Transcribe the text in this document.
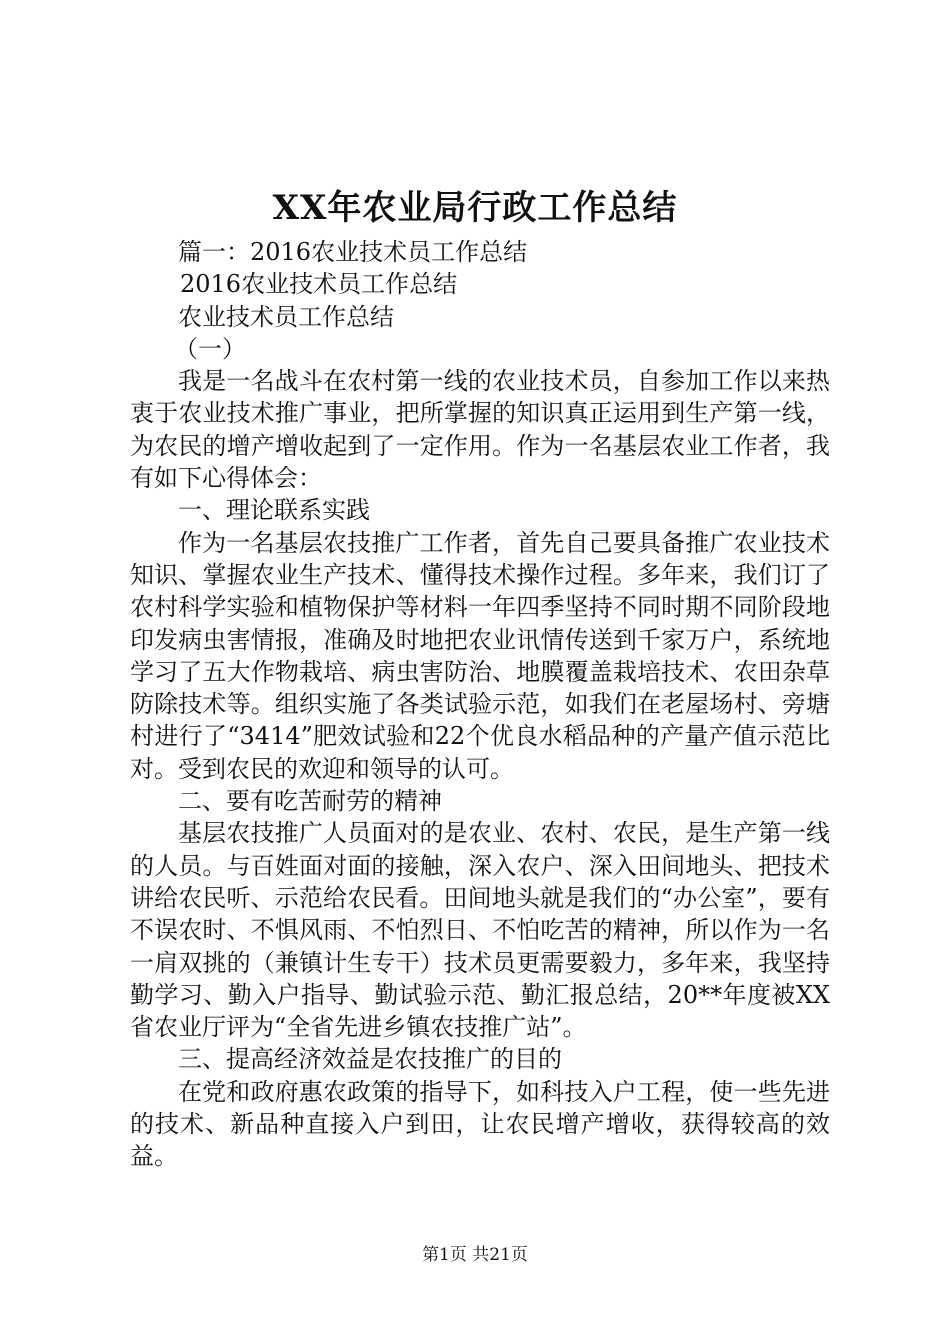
XX年农业局行政工作总结

篇一：2016农业技术员工作总结

2016农业技术员工作总结

农业技术员工作总结

（一）

我是一名战斗在农村第一线的农业技术员，自参加工作以来热衷于农业技术推广事业，把所掌握的知识真正运用到生产第一线，为农民的增产增收起到了一定作用。作为一名基层农业工作者，我有如下心得体会：

一、理论联系实践

作为一名基层农技推广工作者，首先自己要具备推广农业技术知识、掌握农业生产技术、懂得技术操作过程。多年来，我们订了农村科学实验和植物保护等材料一年四季坚持不同时期不同阶段地印发病虫害情报，准确及时地把农业讯情传送到千家万户，系统地学习了五大作物栽培、病虫害防治、地膜覆盖栽培技术、农田杂草防除技术等。组织实施了各类试验示范，如我们在老屋场村、旁塘村进行了“3414”肥效试验和22个优良水稻品种的产量产值示范比对。受到农民的欢迎和领导的认可。

二、要有吃苦耐劳的精神

基层农技推广人员面对的是农业、农村、农民，是生产第一线的人员。与百姓面对面的接触，深入农户、深入田间地头、把技术讲给农民听、示范给农民看。田间地头就是我们的“办公室”，要有不误农时、不惧风雨、不怕烈日、不怕吃苦的精神，所以作为一名一肩双挑的（兼镇计生专干）技术员更需要毅力，多年来，我坚持勤学习、勤入户指导、勤试验示范、勤汇报总结，20**年度被XX省农业厅评为“全省先进乡镇农技推广站”。

三、提高经济效益是农技推广的目的

在党和政府惠农政策的指导下，如科技入户工程，使一些先进的技术、新品种直接入户到田，让农民增产增收，获得较高的效益。

第1页 共21页
